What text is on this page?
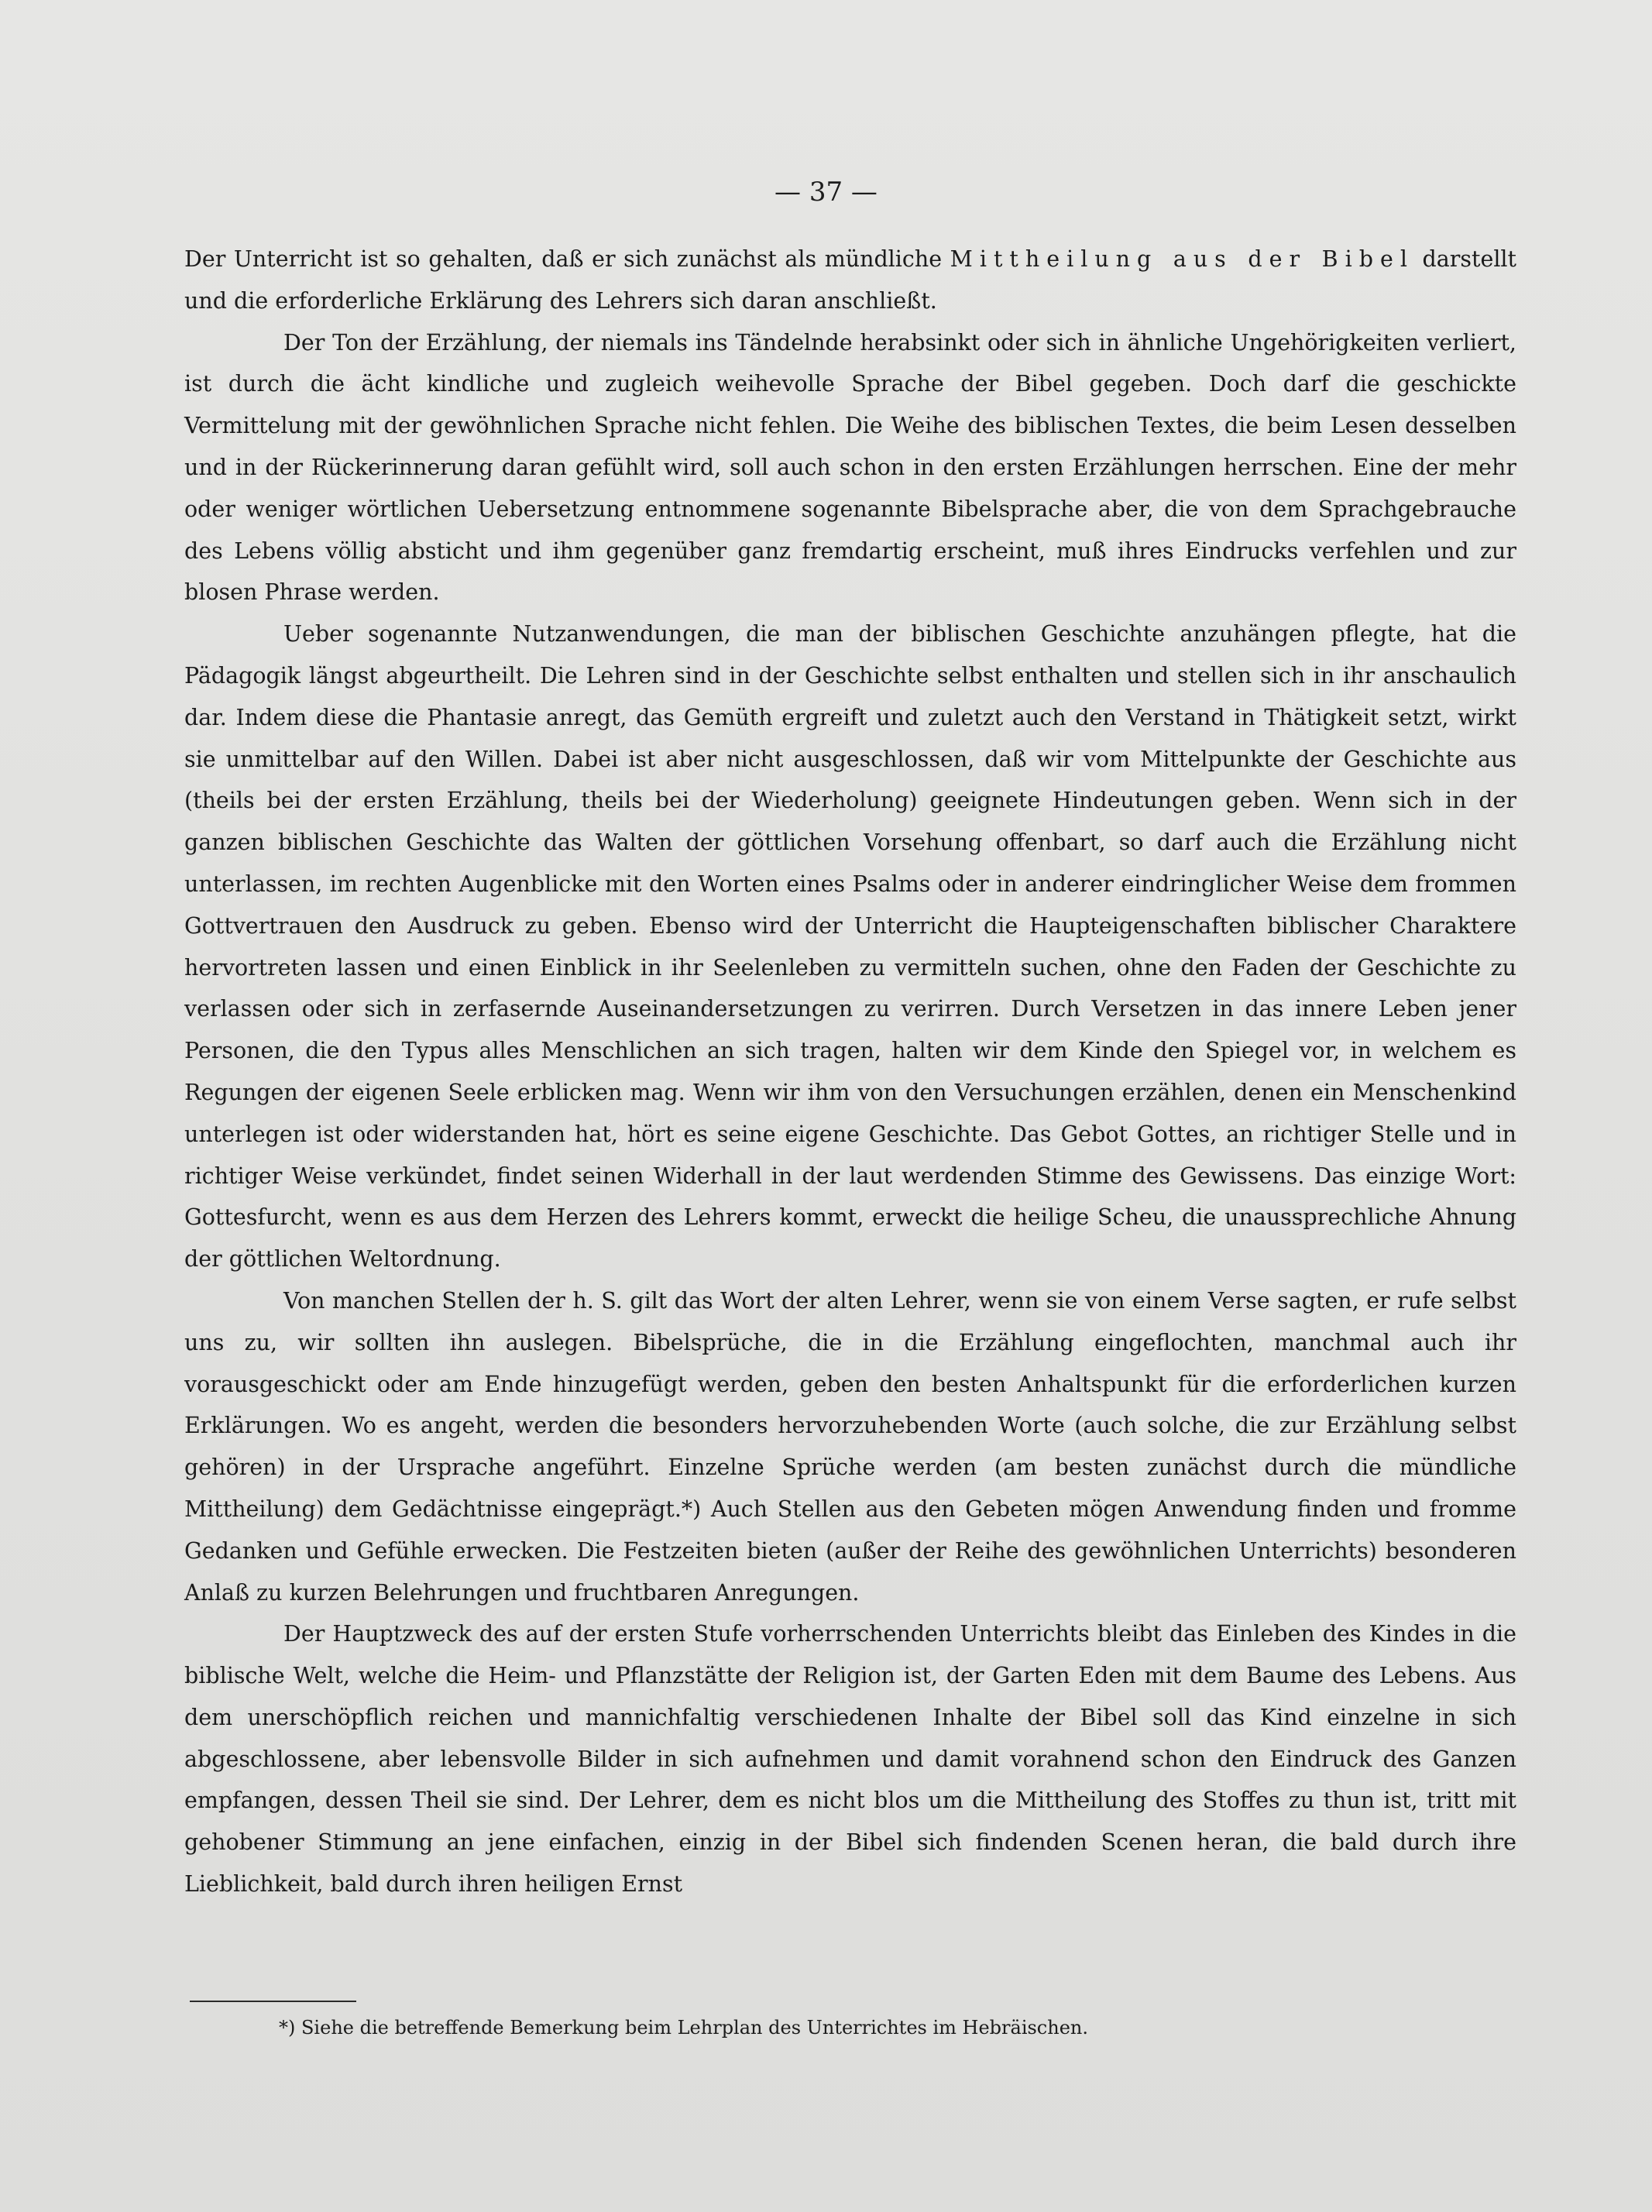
— 37 —

Der Unterricht ist so gehalten, daß er sich zunächst als mündliche Mittheilung aus der Bibel darstellt und die erforderliche Erklärung des Lehrers sich daran anschließt.

Der Ton der Erzählung, der niemals ins Tändelnde herabsinkt oder sich in ähnliche Ungehörigkeiten verliert, ist durch die ächt kindliche und zugleich weihevolle Sprache der Bibel gegeben. Doch darf die geschickte Vermittelung mit der gewöhnlichen Sprache nicht fehlen. Die Weihe des biblischen Textes, die beim Lesen desselben und in der Rückerinnerung daran gefühlt wird, soll auch schon in den ersten Erzählungen herrschen. Eine der mehr oder weniger wörtlichen Uebersetzung entnommene sogenannte Bibelsprache aber, die von dem Sprachgebrauche des Lebens völlig absticht und ihm gegenüber ganz fremdartig erscheint, muß ihres Eindrucks verfehlen und zur blosen Phrase werden.

Ueber sogenannte Nutzanwendungen, die man der biblischen Geschichte anzuhängen pflegte, hat die Pädagogik längst abgeurtheilt. Die Lehren sind in der Geschichte selbst enthalten und stellen sich in ihr anschaulich dar. Indem diese die Phantasie anregt, das Gemüth ergreift und zuletzt auch den Verstand in Thätigkeit setzt, wirkt sie unmittelbar auf den Willen. Dabei ist aber nicht ausgeschlossen, daß wir vom Mittelpunkte der Geschichte aus (theils bei der ersten Erzählung, theils bei der Wiederholung) geeignete Hindeutungen geben. Wenn sich in der ganzen biblischen Geschichte das Walten der göttlichen Vorsehung offenbart, so darf auch die Erzählung nicht unterlassen, im rechten Augenblicke mit den Worten eines Psalms oder in anderer eindringlicher Weise dem frommen Gottvertrauen den Ausdruck zu geben. Ebenso wird der Unterricht die Haupteigenschaften biblischer Charaktere hervortreten lassen und einen Einblick in ihr Seelenleben zu vermitteln suchen, ohne den Faden der Geschichte zu verlassen oder sich in zerfasernde Auseinandersetzungen zu verirren. Durch Versetzen in das innere Leben jener Personen, die den Typus alles Menschlichen an sich tragen, halten wir dem Kinde den Spiegel vor, in welchem es Regungen der eigenen Seele erblicken mag. Wenn wir ihm von den Versuchungen erzählen, denen ein Menschenkind unterlegen ist oder widerstanden hat, hört es seine eigene Geschichte. Das Gebot Gottes, an richtiger Stelle und in richtiger Weise verkündet, findet seinen Widerhall in der laut werdenden Stimme des Gewissens. Das einzige Wort: Gottesfurcht, wenn es aus dem Herzen des Lehrers kommt, erweckt die heilige Scheu, die unaussprechliche Ahnung der göttlichen Weltordnung.

Von manchen Stellen der h. S. gilt das Wort der alten Lehrer, wenn sie von einem Verse sagten, er rufe selbst uns zu, wir sollten ihn auslegen. Bibelsprüche, die in die Erzählung eingeflochten, manchmal auch ihr vorausgeschickt oder am Ende hinzugefügt werden, geben den besten Anhaltspunkt für die erforderlichen kurzen Erklärungen. Wo es angeht, werden die besonders hervorzuhebenden Worte (auch solche, die zur Erzählung selbst gehören) in der Ursprache angeführt. Einzelne Sprüche werden (am besten zunächst durch die mündliche Mittheilung) dem Gedächtnisse eingeprägt.*) Auch Stellen aus den Gebeten mögen Anwendung finden und fromme Gedanken und Gefühle erwecken. Die Festzeiten bieten (außer der Reihe des gewöhnlichen Unterrichts) besonderen Anlaß zu kurzen Belehrungen und fruchtbaren Anregungen.

Der Hauptzweck des auf der ersten Stufe vorherrschenden Unterrichts bleibt das Einleben des Kindes in die biblische Welt, welche die Heim- und Pflanzstätte der Religion ist, der Garten Eden mit dem Baume des Lebens. Aus dem unerschöpflich reichen und mannichfaltig verschiedenen Inhalte der Bibel soll das Kind einzelne in sich abgeschlossene, aber lebensvolle Bilder in sich aufnehmen und damit vorahnend schon den Eindruck des Ganzen empfangen, dessen Theil sie sind. Der Lehrer, dem es nicht blos um die Mittheilung des Stoffes zu thun ist, tritt mit gehobener Stimmung an jene einfachen, einzig in der Bibel sich findenden Scenen heran, die bald durch ihre Lieblichkeit, bald durch ihren heiligen Ernst

*) Siehe die betreffende Bemerkung beim Lehrplan des Unterrichtes im Hebräischen.
